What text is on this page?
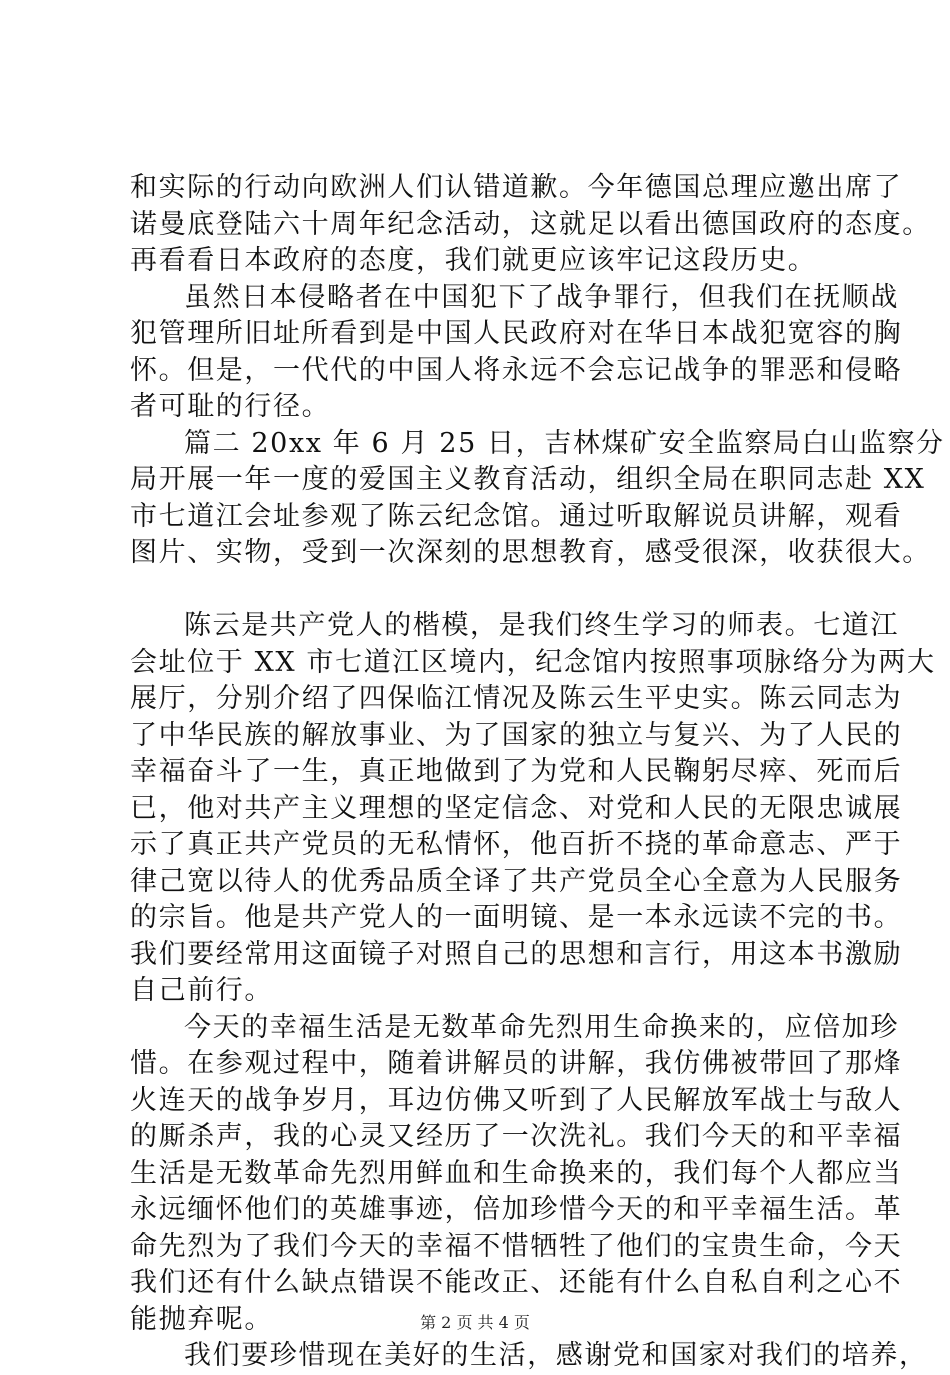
和实际的行动向欧洲人们认错道歉。今年德国总理应邀出席了
诺曼底登陆六十周年纪念活动，这就足以看出德国政府的态度。
再看看日本政府的态度，我们就更应该牢记这段历史。
虽然日本侵略者在中国犯下了战争罪行，但我们在抚顺战
犯管理所旧址所看到是中国人民政府对在华日本战犯宽容的胸
怀。但是，一代代的中国人将永远不会忘记战争的罪恶和侵略
者可耻的行径。
篇二 20xx 年 6 月 25 日，吉林煤矿安全监察局白山监察分
局开展一年一度的爱国主义教育活动，组织全局在职同志赴 XX
市七道江会址参观了陈云纪念馆。通过听取解说员讲解，观看
图片、实物，受到一次深刻的思想教育，感受很深，收获很大。
陈云是共产党人的楷模，是我们终生学习的师表。七道江
会址位于 XX 市七道江区境内，纪念馆内按照事项脉络分为两大
展厅，分别介绍了四保临江情况及陈云生平史实。陈云同志为
了中华民族的解放事业、为了国家的独立与复兴、为了人民的
幸福奋斗了一生，真正地做到了为党和人民鞠躬尽瘁、死而后
已，他对共产主义理想的坚定信念、对党和人民的无限忠诚展
示了真正共产党员的无私情怀，他百折不挠的革命意志、严于
律己宽以待人的优秀品质全译了共产党员全心全意为人民服务
的宗旨。他是共产党人的一面明镜、是一本永远读不完的书。
我们要经常用这面镜子对照自己的思想和言行，用这本书激励
自己前行。
今天的幸福生活是无数革命先烈用生命换来的，应倍加珍
惜。在参观过程中，随着讲解员的讲解，我仿佛被带回了那烽
火连天的战争岁月，耳边仿佛又听到了人民解放军战士与敌人
的厮杀声，我的心灵又经历了一次洗礼。我们今天的和平幸福
生活是无数革命先烈用鲜血和生命换来的，我们每个人都应当
永远缅怀他们的英雄事迹，倍加珍惜今天的和平幸福生活。革
命先烈为了我们今天的幸福不惜牺牲了他们的宝贵生命，今天
我们还有什么缺点错误不能改正、还能有什么自私自利之心不
能抛弃呢。
我们要珍惜现在美好的生活，感谢党和国家对我们的培养，
第 2 页 共 4 页
